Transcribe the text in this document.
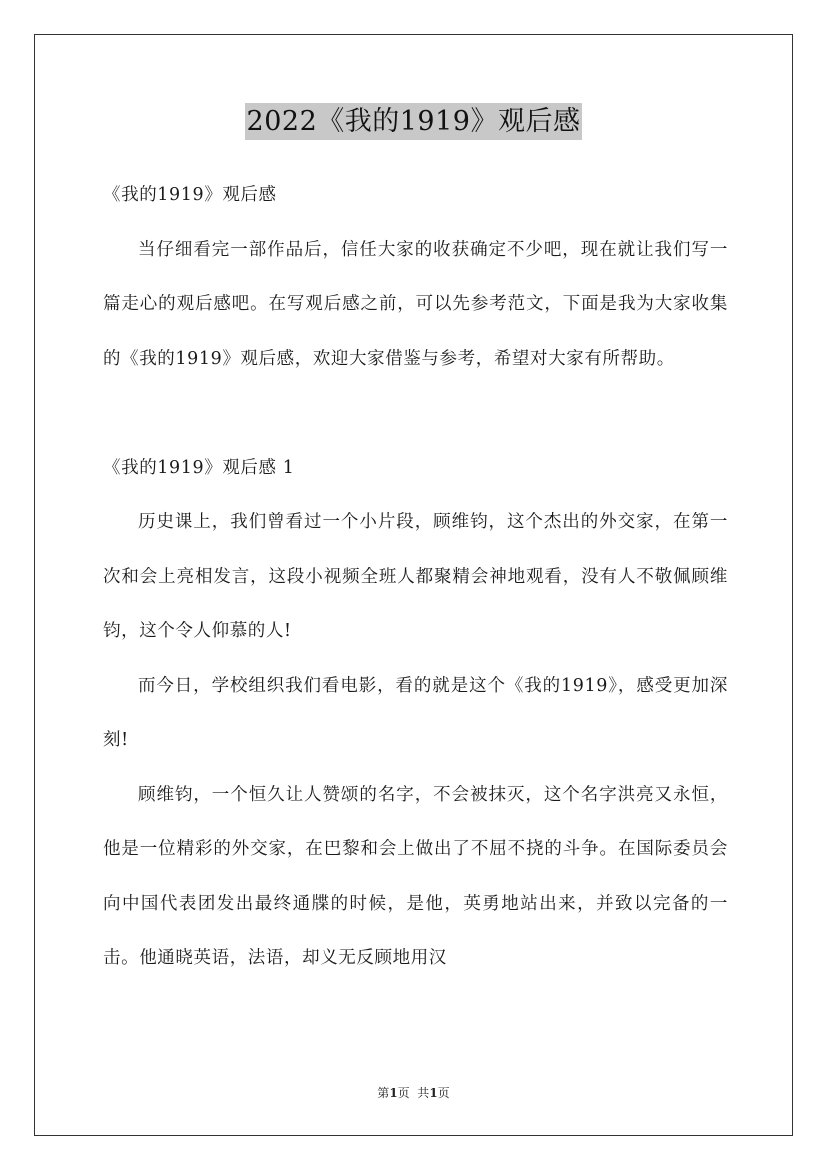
2022《我的1919》观后感

《我的1919》观后感

当仔细看完一部作品后，信任大家的收获确定不少吧，现在就让我们写一篇走心的观后感吧。在写观后感之前，可以先参考范文，下面是我为大家收集的《我的1919》观后感，欢迎大家借鉴与参考，希望对大家有所帮助。

《我的1919》观后感 1

历史课上，我们曾看过一个小片段，顾维钧，这个杰出的外交家，在第一次和会上亮相发言，这段小视频全班人都聚精会神地观看，没有人不敬佩顾维钧，这个令人仰慕的人!

而今日，学校组织我们看电影，看的就是这个《我的1919》，感受更加深刻!

顾维钧，一个恒久让人赞颂的名字，不会被抹灭，这个名字洪亮又永恒，他是一位精彩的外交家，在巴黎和会上做出了不屈不挠的斗争。在国际委员会向中国代表团发出最终通牒的时候，是他，英勇地站出来，并致以完备的一击。他通晓英语，法语，却义无反顾地用汉

第1页  共1页
